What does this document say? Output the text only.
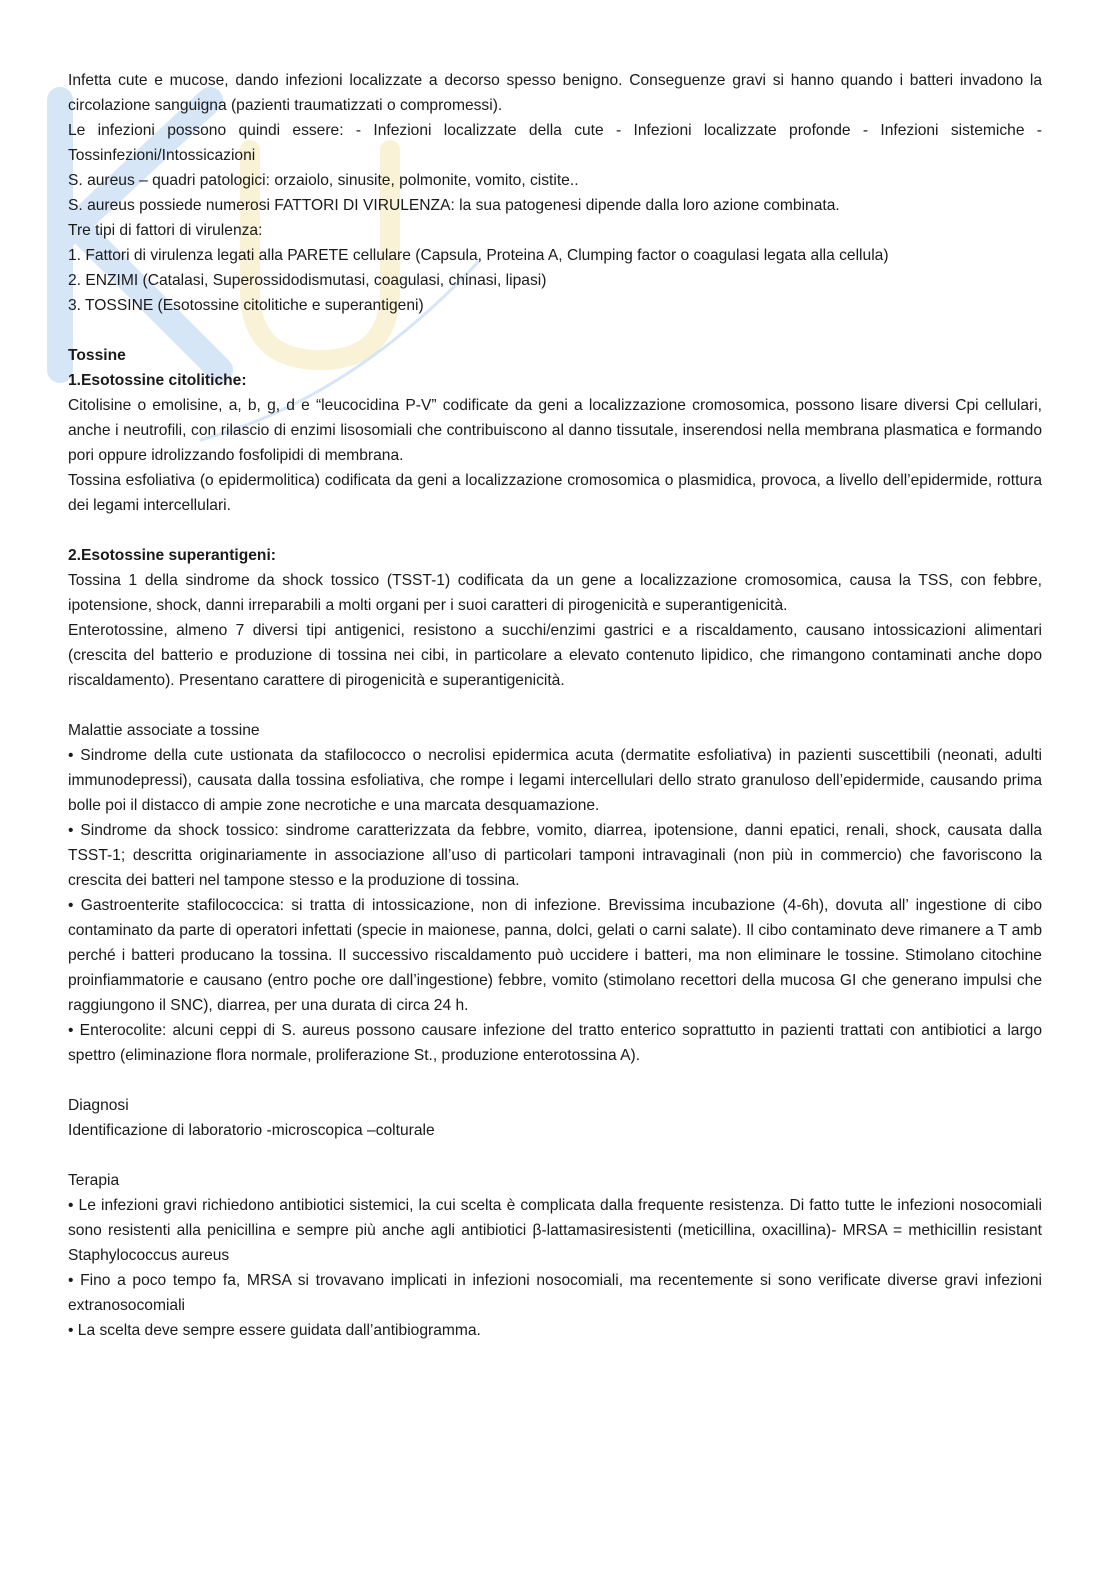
Infetta cute e mucose, dando infezioni localizzate a decorso spesso benigno. Conseguenze gravi si hanno quando i batteri invadono la circolazione sanguigna (pazienti traumatizzati o compromessi).

Le infezioni possono quindi essere: - Infezioni localizzate della cute - Infezioni localizzate profonde - Infezioni sistemiche - Tossinfezioni/Intossicazioni

S. aureus – quadri patologici: orzaiolo, sinusite, polmonite, vomito, cistite..

S. aureus possiede numerosi FATTORI DI VIRULENZA: la sua patogenesi dipende dalla loro azione combinata.

Tre tipi di fattori di virulenza:

1. Fattori di virulenza legati alla PARETE cellulare (Capsula, Proteina A, Clumping factor o coagulasi legata alla cellula)

2. ENZIMI (Catalasi, Superossidodismutasi, coagulasi, chinasi, lipasi)

3. TOSSINE (Esotossine citolitiche e superantigeni)

Tossine

1.Esotossine citolitiche:

Citolisine o emolisine, a, b, g, d e “leucocidina P-V” codificate da geni a localizzazione cromosomica, possono lisare diversi Cpi cellulari, anche i neutrofili, con rilascio di enzimi lisosomiali che contribuiscono al danno tissutale, inserendosi nella membrana plasmatica e formando pori oppure idrolizzando fosfolipidi di membrana.

Tossina esfoliativa (o epidermolitica) codificata da geni a localizzazione cromosomica o plasmidica, provoca, a livello dell’epidermide, rottura dei legami intercellulari.

2.Esotossine superantigeni:

Tossina 1 della sindrome da shock tossico (TSST-1) codificata da un gene a localizzazione cromosomica, causa la TSS, con febbre, ipotensione, shock, danni irreparabili a molti organi per i suoi caratteri di pirogenicità e superantigenicità.

Enterotossine, almeno 7 diversi tipi antigenici, resistono a succhi/enzimi gastrici e a riscaldamento, causano intossicazioni alimentari (crescita del batterio e produzione di tossina nei cibi, in particolare a elevato contenuto lipidico, che rimangono contaminati anche dopo riscaldamento). Presentano carattere di pirogenicità e superantigenicità.

Malattie associate a tossine

• Sindrome della cute ustionata da stafilococco o necrolisi epidermica acuta (dermatite esfoliativa) in pazienti suscettibili (neonati, adulti immunodepressi), causata dalla tossina esfoliativa, che rompe i legami intercellulari dello strato granuloso dell’epidermide, causando prima bolle poi il distacco di ampie zone necrotiche e una marcata desquamazione.

• Sindrome da shock tossico: sindrome caratterizzata da febbre, vomito, diarrea, ipotensione, danni epatici, renali, shock, causata dalla TSST-1; descritta originariamente in associazione all’uso di particolari tamponi intravaginali (non più in commercio) che favoriscono la crescita dei batteri nel tampone stesso e la produzione di tossina.

• Gastroenterite stafilococcica: si tratta di intossicazione, non di infezione. Brevissima incubazione (4-6h), dovuta all’ ingestione di cibo contaminato da parte di operatori infettati (specie in maionese, panna, dolci, gelati o carni salate). Il cibo contaminato deve rimanere a T amb perché i batteri producano la tossina. Il successivo riscaldamento può uccidere i batteri, ma non eliminare le tossine. Stimolano citochine proinfiammatorie e causano (entro poche ore dall’ingestione) febbre, vomito (stimolano recettori della mucosa GI che generano impulsi che raggiungono il SNC), diarrea, per una durata di circa 24 h.

• Enterocolite: alcuni ceppi di S. aureus possono causare infezione del tratto enterico soprattutto in pazienti trattati con antibiotici a largo spettro (eliminazione flora normale, proliferazione St., produzione enterotossina A).

Diagnosi

Identificazione di laboratorio -microscopica –colturale

Terapia

• Le infezioni gravi richiedono antibiotici sistemici, la cui scelta è complicata dalla frequente resistenza. Di fatto tutte le infezioni nosocomiali sono resistenti alla penicillina e sempre più anche agli antibiotici β-lattamasiresistenti (meticillina, oxacillina)- MRSA = methicillin resistant Staphylococcus aureus

• Fino a poco tempo fa, MRSA si trovavano implicati in infezioni nosocomiali, ma recentemente si sono verificate diverse gravi infezioni extranosocomiali

• La scelta deve sempre essere guidata dall’antibiogramma.
